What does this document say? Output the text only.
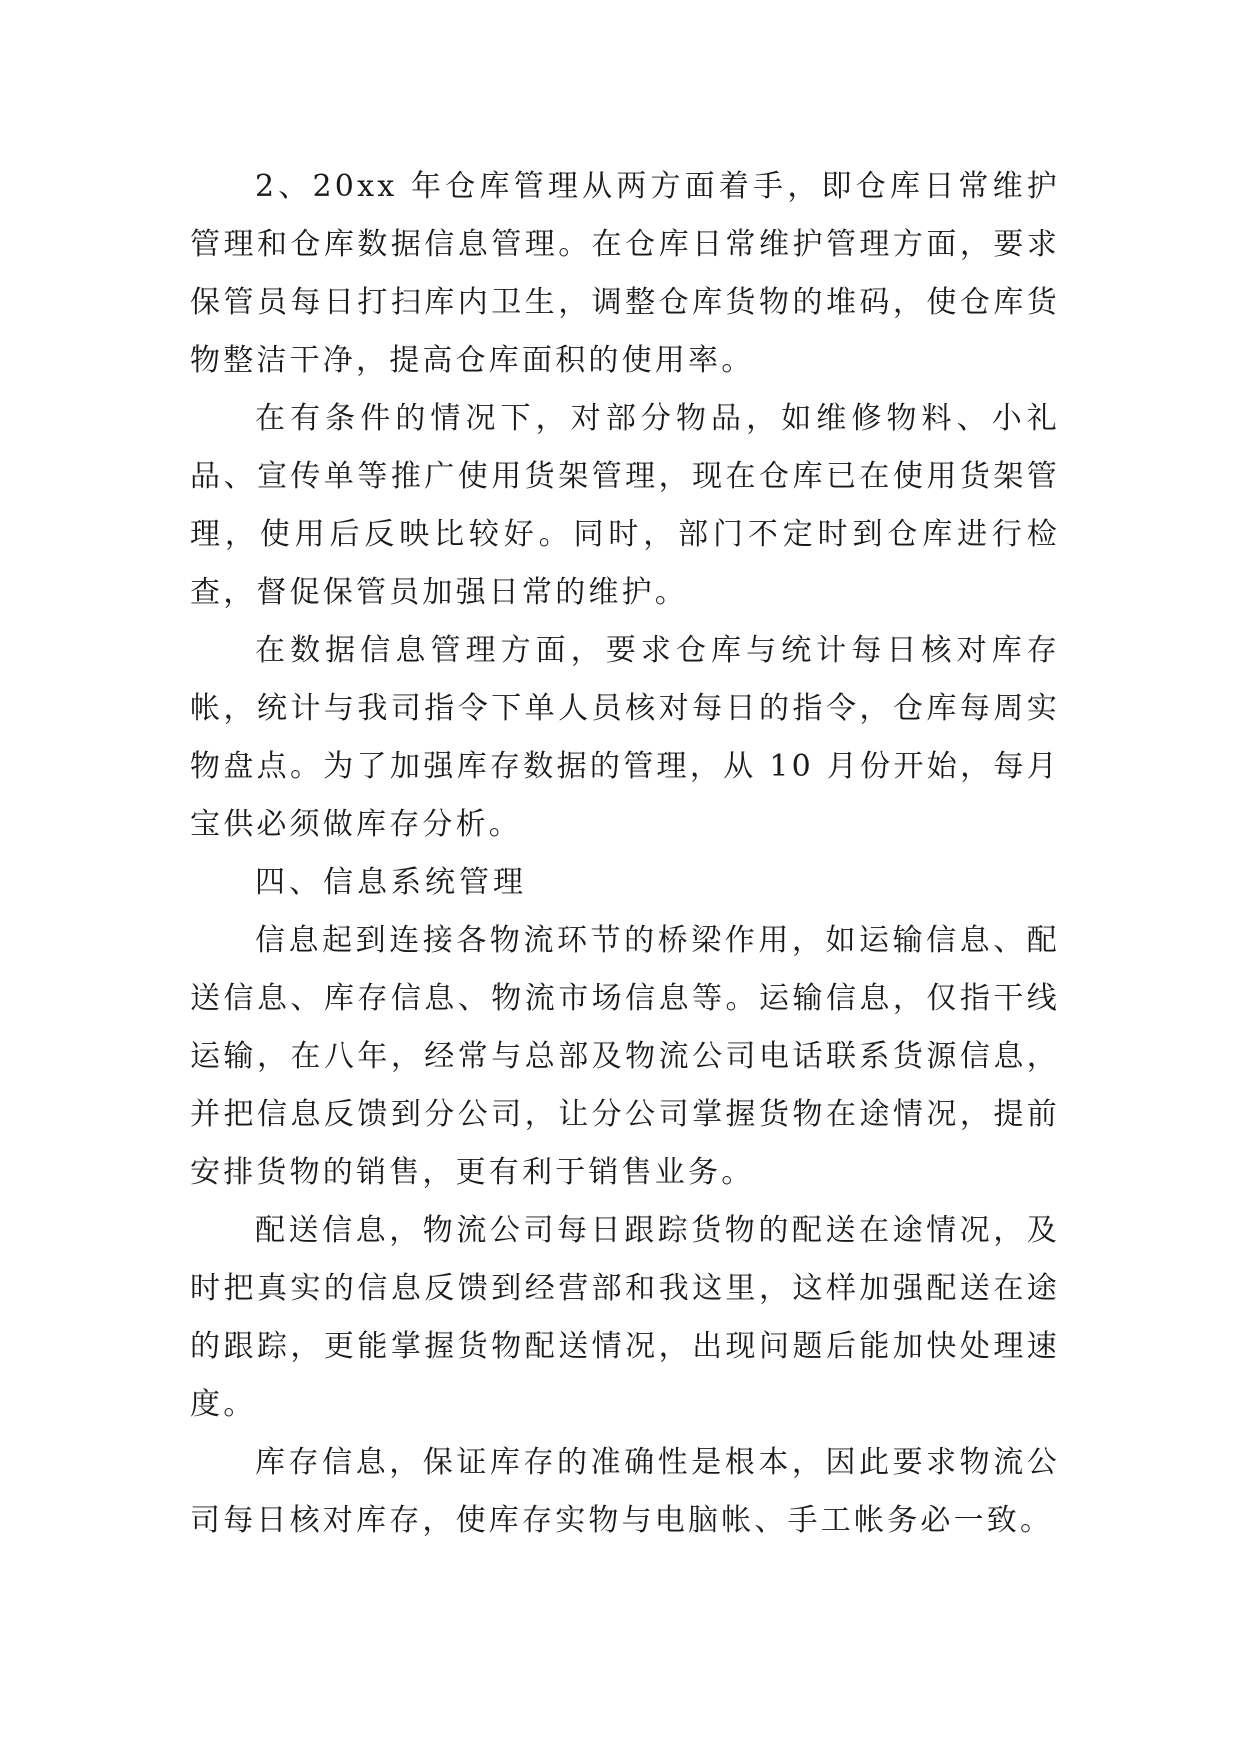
2、20xx 年仓库管理从两方面着手，即仓库日常维护管理和仓库数据信息管理。在仓库日常维护管理方面，要求保管员每日打扫库内卫生，调整仓库货物的堆码，使仓库货物整洁干净，提高仓库面积的使用率。

在有条件的情况下，对部分物品，如维修物料、小礼品、宣传单等推广使用货架管理，现在仓库已在使用货架管理，使用后反映比较好。同时，部门不定时到仓库进行检查，督促保管员加强日常的维护。

在数据信息管理方面，要求仓库与统计每日核对库存帐，统计与我司指令下单人员核对每日的指令，仓库每周实物盘点。为了加强库存数据的管理，从 10 月份开始，每月宝供必须做库存分析。

四、信息系统管理

信息起到连接各物流环节的桥梁作用，如运输信息、配送信息、库存信息、物流市场信息等。运输信息，仅指干线运输，在八年，经常与总部及物流公司电话联系货源信息，并把信息反馈到分公司，让分公司掌握货物在途情况，提前安排货物的销售，更有利于销售业务。

配送信息，物流公司每日跟踪货物的配送在途情况，及时把真实的信息反馈到经营部和我这里，这样加强配送在途的跟踪，更能掌握货物配送情况，出现问题后能加快处理速度。

库存信息，保证库存的准确性是根本，因此要求物流公司每日核对库存，使库存实物与电脑帐、手工帐务必一致。
